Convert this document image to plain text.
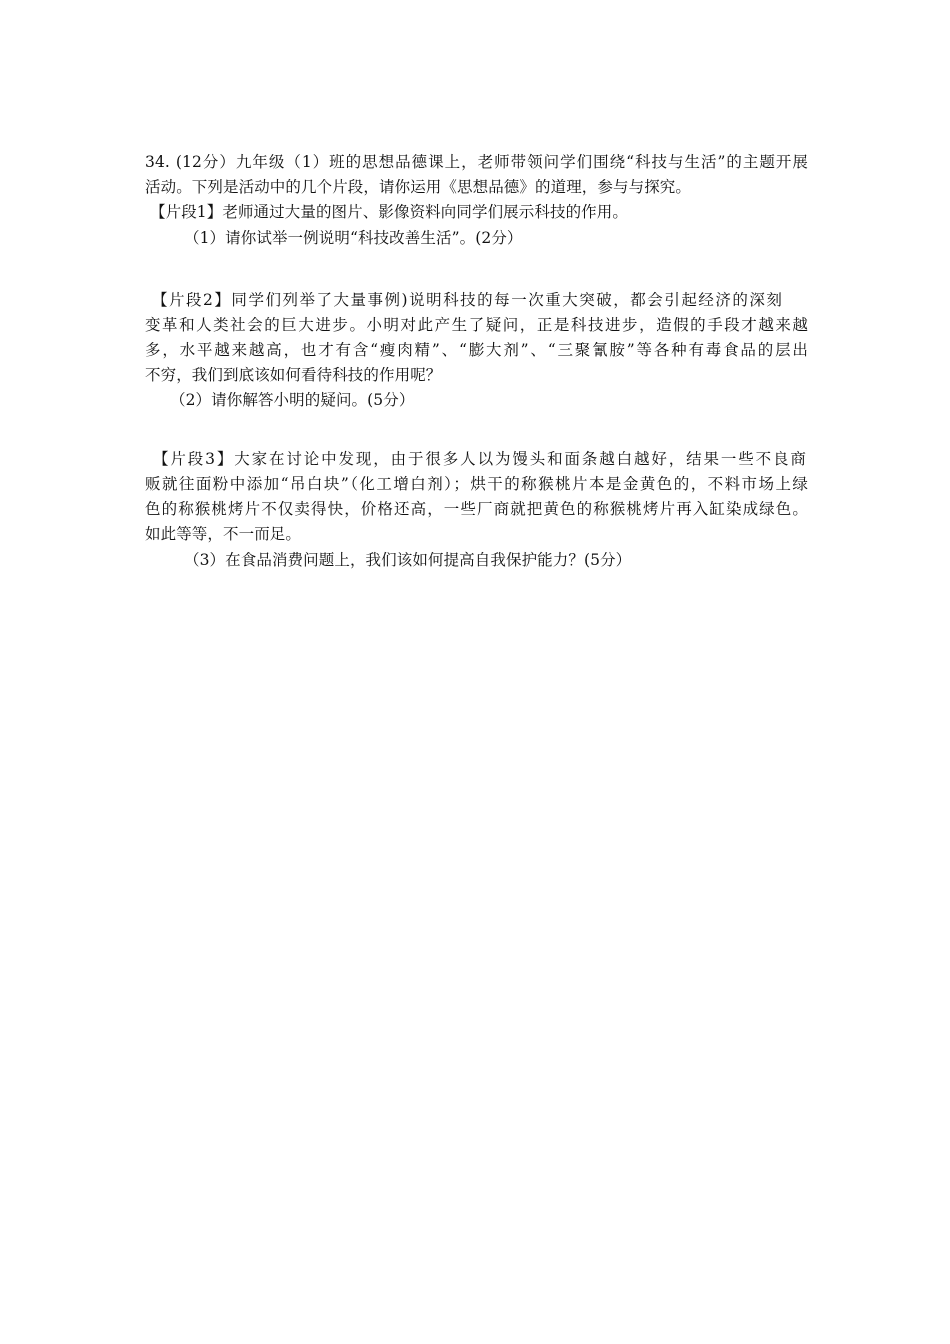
34. (12分）九年级（1）班的思想品德课上，老师带领问学们围绕“科技与生活”的主题开展
活动。下列是活动中的几个片段，请你运用《思想品德》的道理，参与与探究。
【片段1】老师通过大量的图片、影像资料向同学们展示科技的作用。
（1）请你试举一例说明“科技改善生活”。(2分）
【片段2】同学们列举了大量事例)说明科技的每一次重大突破，都会引起经济的深刻
变革和人类社会的巨大进步。小明对此产生了疑问，正是科技进步，造假的手段才越来越
多，水平越来越高，也才有含“瘦肉精”、“膨大剂”、“三聚氰胺”等各种有毒食品的层出
不穷，我们到底该如何看待科技的作用呢？
（2）请你解答小明的疑问。(5分）
【片段3】大家在讨论中发现，由于很多人以为馒头和面条越白越好，结果一些不良商
贩就往面粉中添加“吊白块”（化工增白剂）；烘干的称猴桃片本是金黄色的，不料市场上绿
色的称猴桃烤片不仅卖得快，价格还高，一些厂商就把黄色的称猴桃烤片再入缸染成绿色。
如此等等，不一而足。
（3）在食品消费问题上，我们该如何提高自我保护能力？(5分）
